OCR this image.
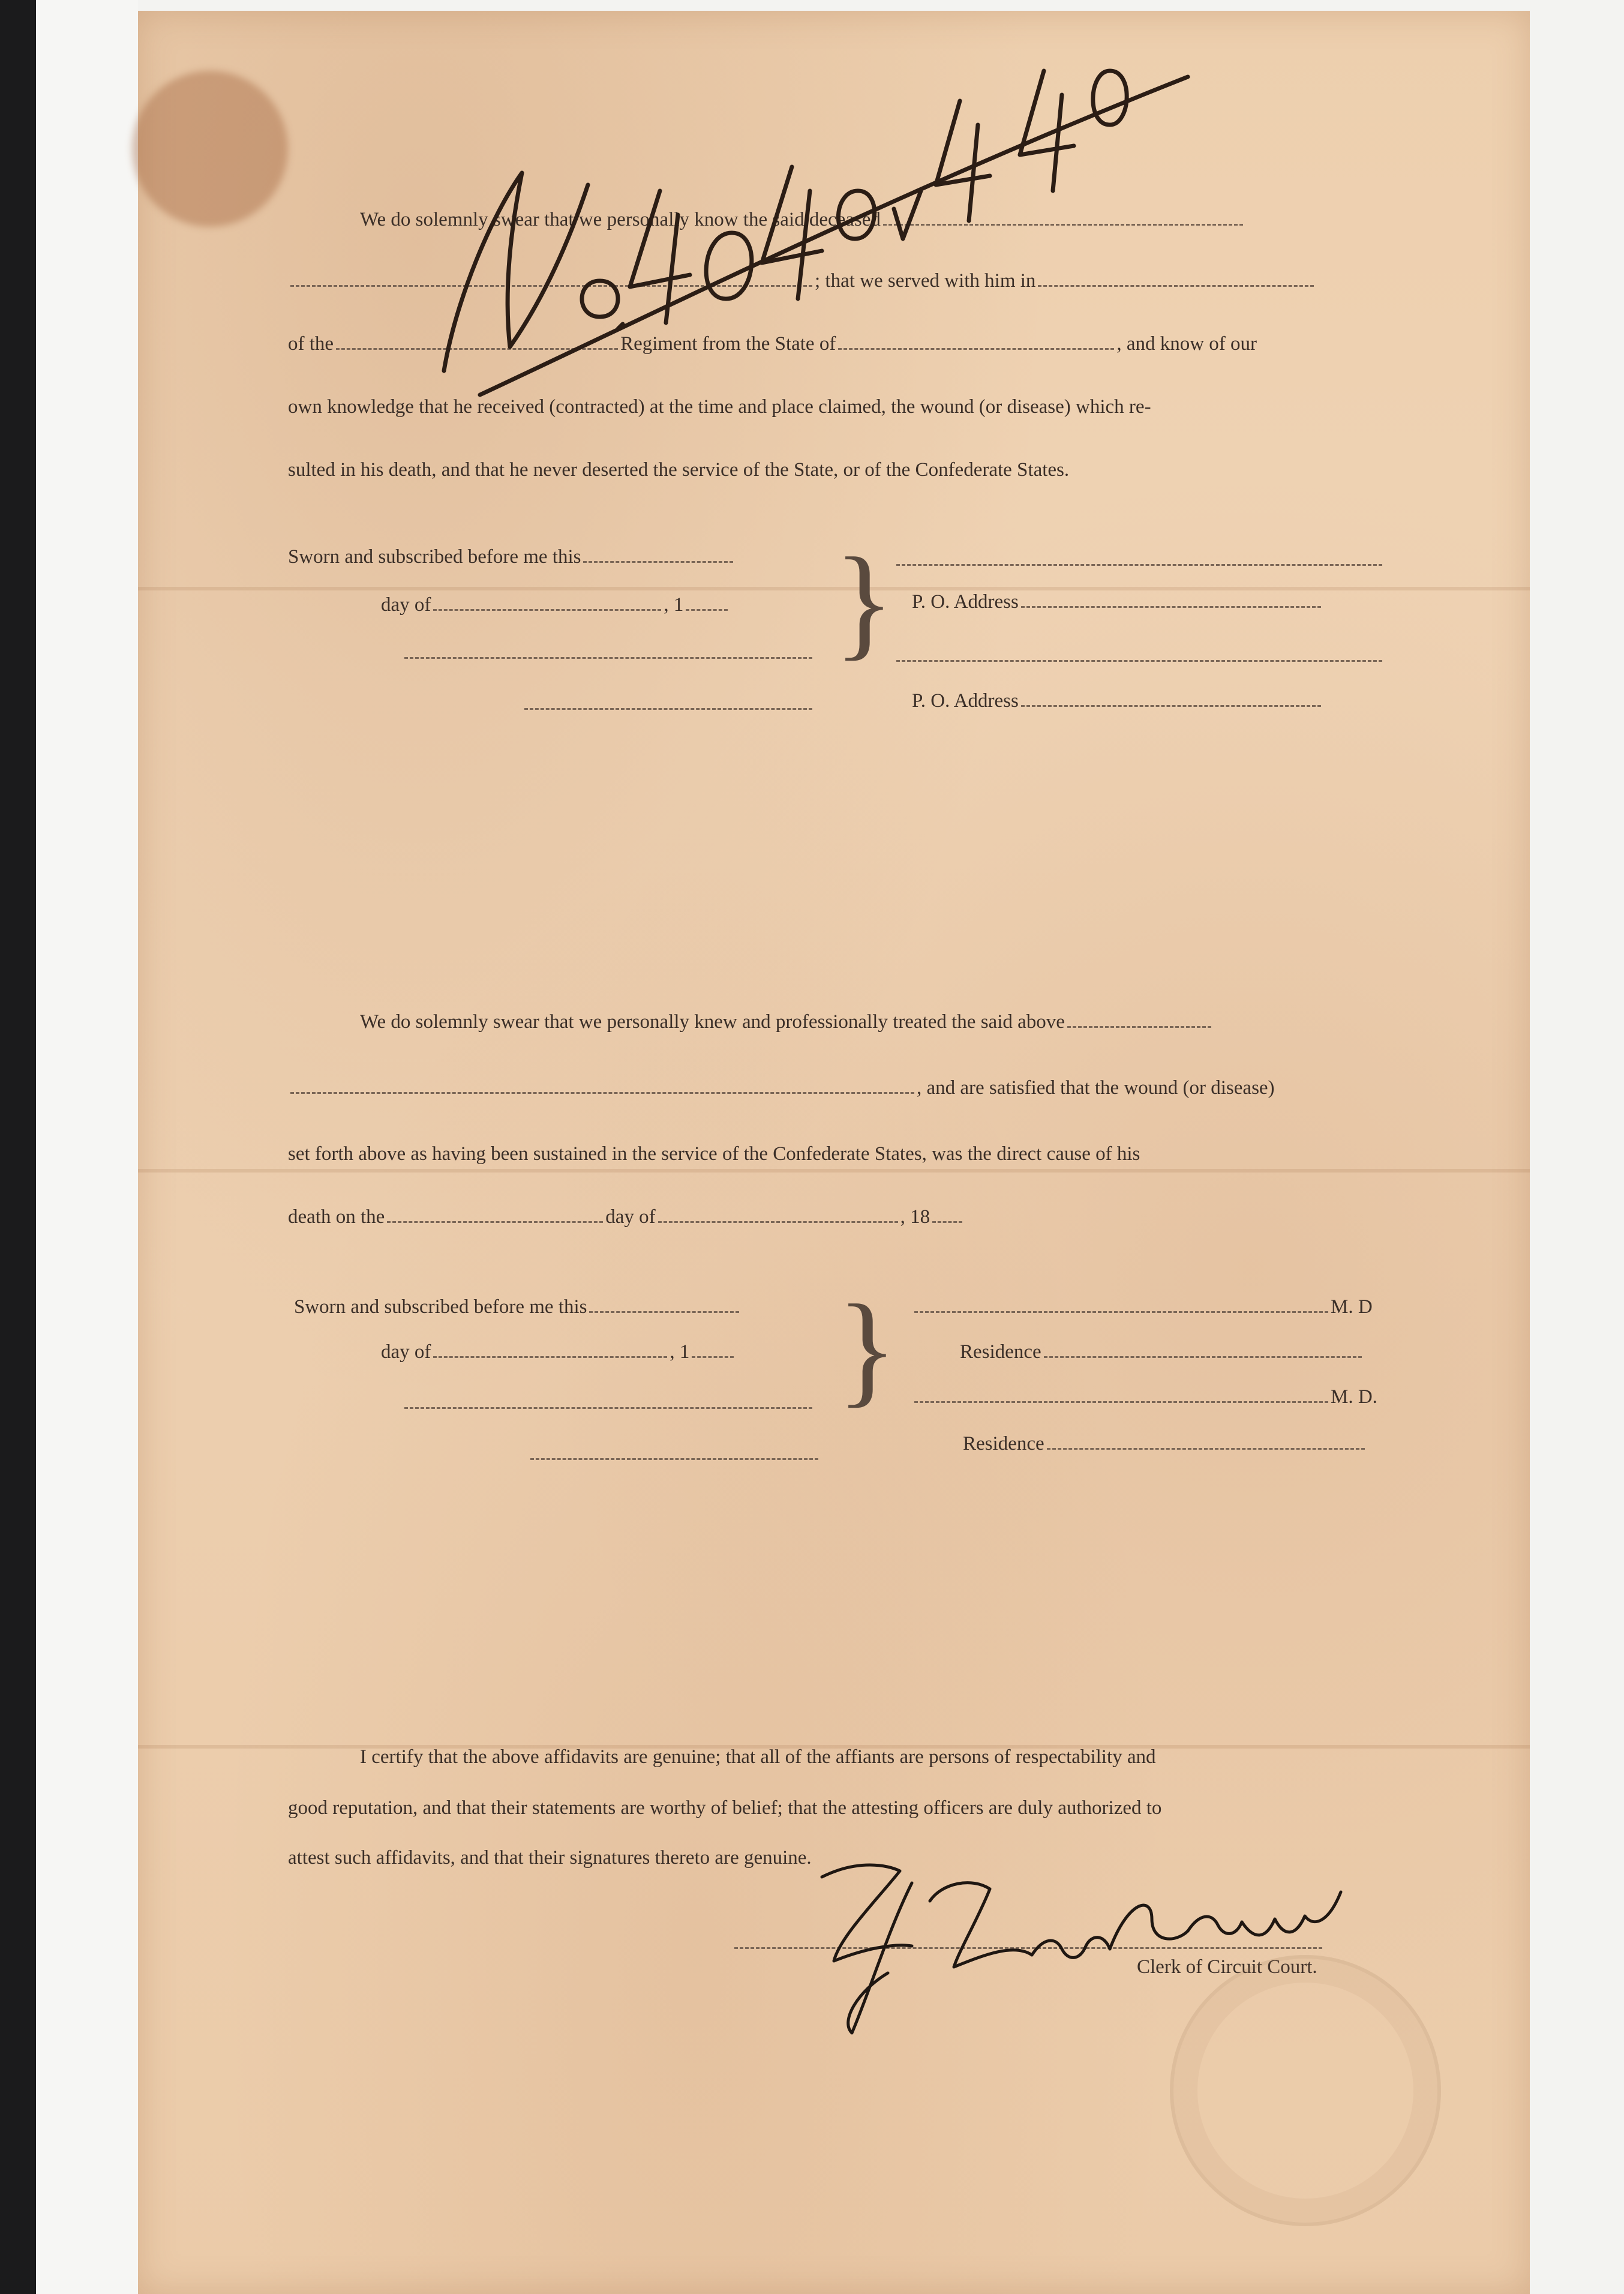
We do solemnly swear that we personally know the said deceased
; that we served with him in
of the	Regiment from the State of	, and know of our
own knowledge that he received (contracted) at the time and place claimed, the wound (or disease) which re-
sulted in his death, and that he never deserted the service of the State, or of the Confederate States.
Sworn and subscribed before me this
day of	, 1	} P. O. Address
P. O. Address
We do solemnly swear that we personally knew and professionally treated the said above
, and are satisfied that the wound (or disease)
set forth above as having been sustained in the service of the Confederate States, was the direct cause of his
death on the	day of	, 18
Sworn and subscribed before me this
day of	, 1	}	M. D
Residence
M. D.
Residence
I certify that the above affidavits are genuine; that all of the affiants are persons of respectability and
good reputation, and that their statements are worthy of belief; that the attesting officers are duly authorized to
attest such affidavits, and that their signatures thereto are genuine.
Clerk of Circuit Court.
